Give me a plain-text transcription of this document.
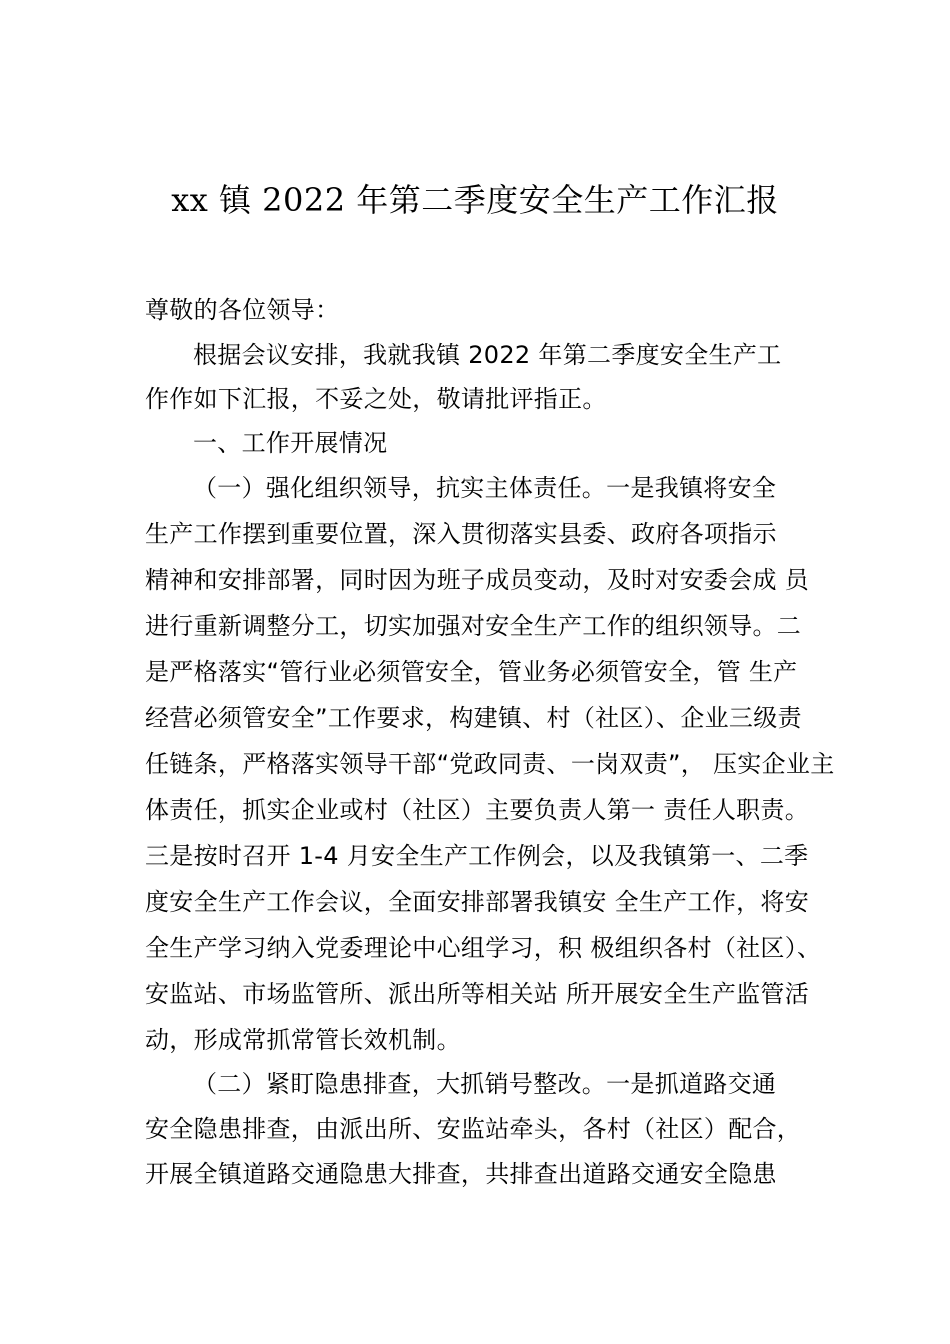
xx 镇 2022 年第二季度安全生产工作汇报
尊敬的各位领导：
根据会议安排，我就我镇 2022 年第二季度安全生产工
作作如下汇报，不妥之处，敬请批评指正。
一、工作开展情况
（一）强化组织领导，抗实主体责任。一是我镇将安全
生产工作摆到重要位置，深入贯彻落实县委、政府各项指示
精神和安排部署，同时因为班子成员变动，及时对安委会成 员
进行重新调整分工，切实加强对安全生产工作的组织领导。二
是严格落实“管行业必须管安全，管业务必须管安全，管 生产
经营必须管安全”工作要求，构建镇、村（社区）、企业三级责
任链条，严格落实领导干部“党政同责、一岗双责”， 压实企业主
体责任，抓实企业或村（社区）主要负责人第一 责任人职责。
三是按时召开 1-4 月安全生产工作例会，以及我镇第一、二季
度安全生产工作会议，全面安排部署我镇安 全生产工作，将安
全生产学习纳入党委理论中心组学习，积 极组织各村（社区）、
安监站、市场监管所、派出所等相关站 所开展安全生产监管活
动，形成常抓常管长效机制。
（二）紧盯隐患排查，大抓销号整改。一是抓道路交通
安全隐患排查，由派出所、安监站牵头，各村（社区）配合，
开展全镇道路交通隐患大排查，共排查出道路交通安全隐患
